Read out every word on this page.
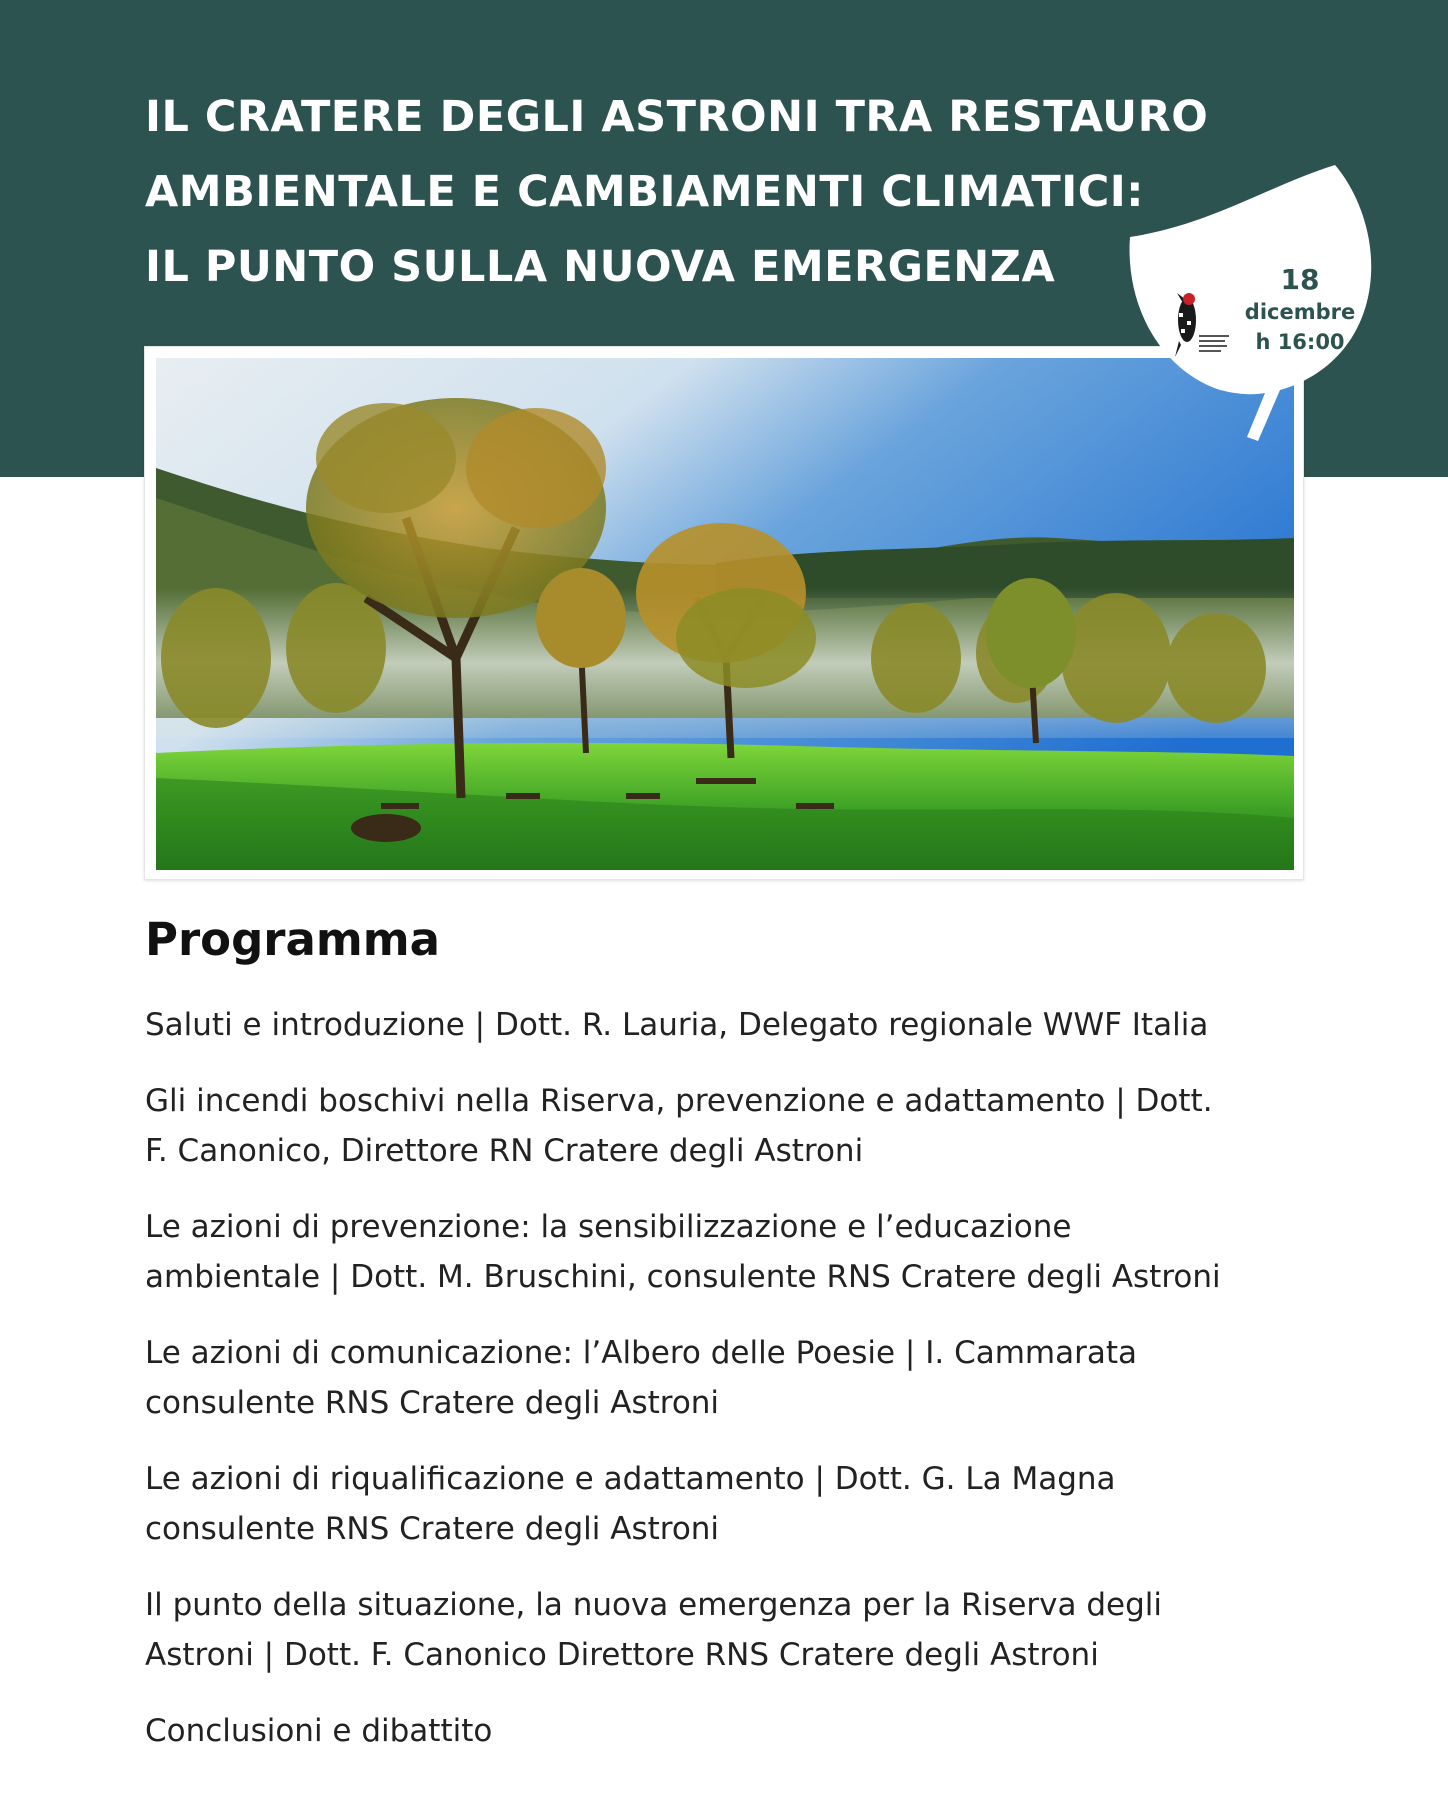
IL CRATERE DEGLI ASTRONI TRA RESTAURO
AMBIENTALE E CAMBIAMENTI CLIMATICI:
IL PUNTO SULLA NUOVA EMERGENZA	18
dicembre
h 16:00
Programma
Saluti e introduzione | Dott. R. Lauria, Delegato regionale WWF Italia
Gli incendi boschivi nella Riserva, prevenzione e adattamento | Dott.
F. Canonico, Direttore RN Cratere degli Astroni
Le azioni di prevenzione: la sensibilizzazione e l’educazione
ambientale | Dott. M. Bruschini, consulente RNS Cratere degli Astroni
Le azioni di comunicazione: l’Albero delle Poesie | I. Cammarata
consulente RNS Cratere degli Astroni
Le azioni di riqualificazione e adattamento | Dott. G. La Magna
consulente RNS Cratere degli Astroni
Il punto della situazione, la nuova emergenza per la Riserva degli
Astroni | Dott. F. Canonico Direttore RNS Cratere degli Astroni
Conclusioni e dibattito
